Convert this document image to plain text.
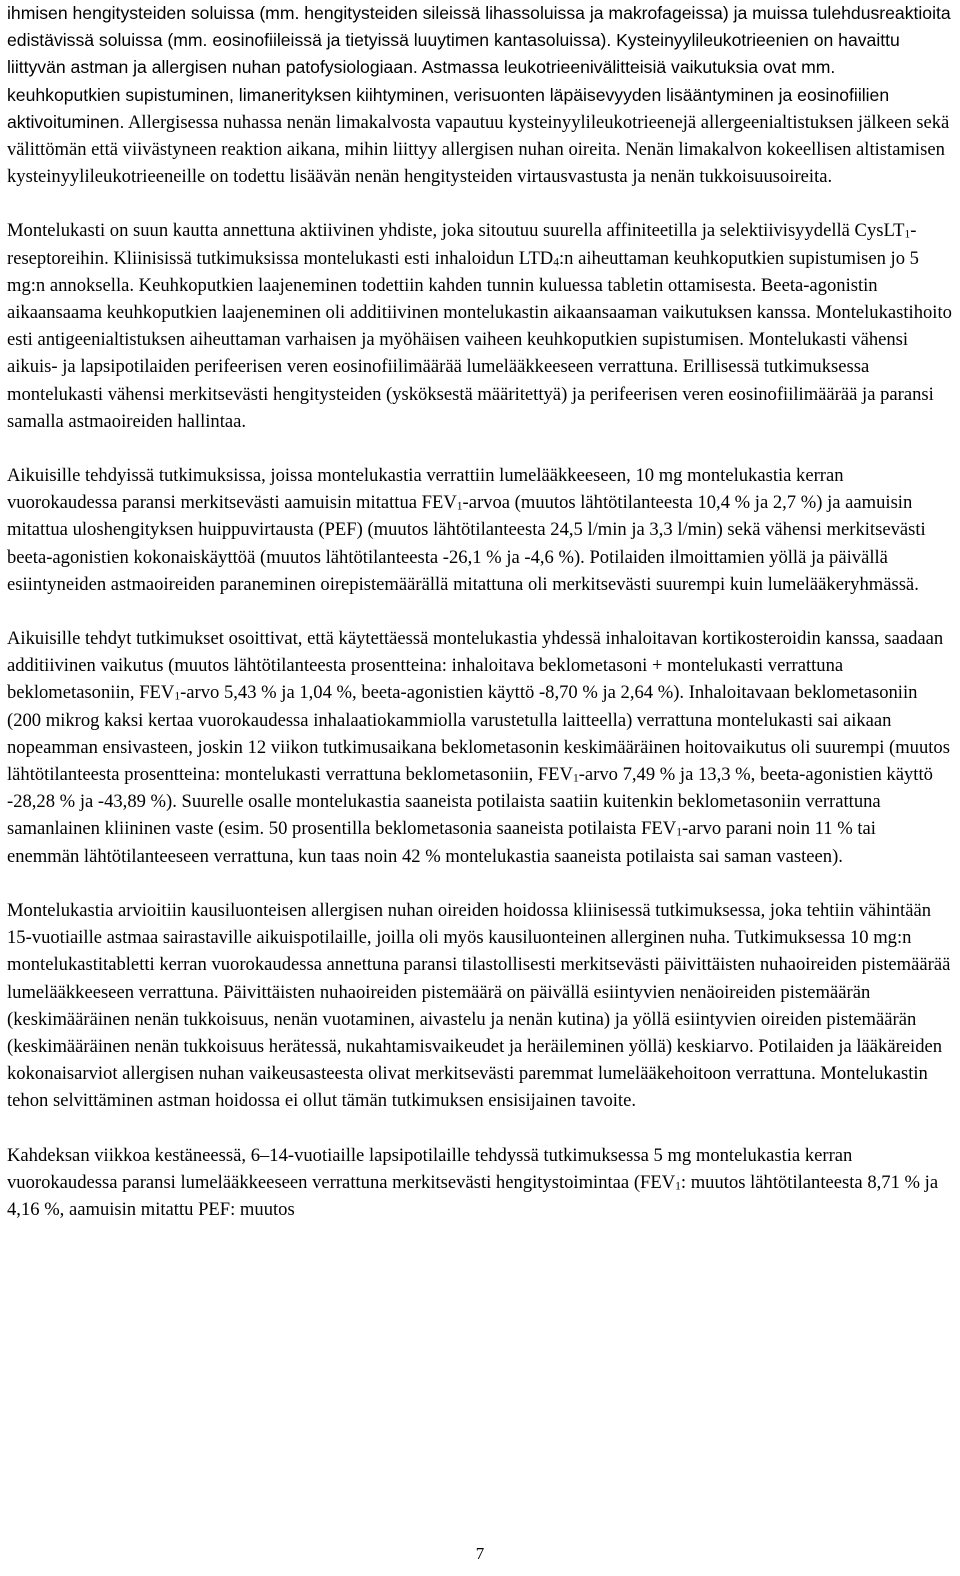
ihmisen hengitysteiden soluissa (mm. hengitysteiden sileissä lihassoluissa ja makrofageissa) ja muissa tulehdusreaktioita edistävissä soluissa (mm. eosinofiileissä ja tietyissä luuytimen kantasoluissa). Kysteinyylileukotrieenien on havaittu liittyvän astman ja allergisen nuhan patofysiologiaan. Astmassa leukotrieenivälitteisiä vaikutuksia ovat mm. keuhkoputkien supistuminen, limanerityksen kiihtyminen, verisuonten läpäisevyyden lisääntyminen ja eosinofiilien aktivoituminen. Allergisessa nuhassa nenän limakalvosta vapautuu kysteinyylileukotrieenejä allergeenialtistuksen jälkeen sekä välittömän että viivästyneen reaktion aikana, mihin liittyy allergisen nuhan oireita. Nenän limakalvon kokeellisen altistamisen kysteinyylileukotrieeneille on todettu lisäävän nenän hengitysteiden virtausvastusta ja nenän tukkoisuusoireita.

Montelukasti on suun kautta annettuna aktiivinen yhdiste, joka sitoutuu suurella affiniteetilla ja selektiivisyydellä CysLT$_1$-reseptoreihin. Kliinisissä tutkimuksissa montelukasti esti inhaloidun $LTD_4:n$ aiheuttaman keuhkoputkien supistumisen jo 5 mg:n annoksella. Keuhkoputkien laajeneminen todettiin kahden tunnin kuluessa tabletin ottamisesta. Beeta-agonistin aikaansaama keuhkoputkien laajeneminen oli additiivinen montelukastin aikaansaaman vaikutuksen kanssa. Montelukastihoito esti antigeenialtistuksen aiheuttaman varhaisen ja myöhäisen vaiheen keuhkoputkien supistumisen. Montelukasti vähensi aikuis- ja lapsipotilaiden perifeerisen veren eosinofiilimäärää lumelääkkeeseen verrattuna. Erillisessä tutkimuksessa montelukasti vähensi merkitsevästi hengitysteiden (ysköksestä määritettyä) ja perifeerisen veren eosinofiilimäärää ja paransi samalla astmaoireiden hallintaa.

Aikuisille tehdyissä tutkimuksissa, joissa montelukastia verrattiin lumelääkkeeseen, 10 mg montelukastia kerran vuorokaudessa paransi merkitsevästi aamuisin mitattua $FEV_1$-arvoa (muutos lähtötilanteesta 10,4 % ja 2,7 %) ja aamuisin mitattua uloshengityksen huippuvirtausta (PEF) (muutos lähtötilanteesta 24,5 l/min ja 3,3 l/min) sekä vähensi merkitsevästi beeta-agonistien kokonaiskäyttöä (muutos lähtötilanteesta -26,1 % ja -4,6 %). Potilaiden ilmoittamien yöllä ja päivällä esiintyneiden astmaoireiden paraneminen oirepistemäärällä mitattuna oli merkitsevästi suurempi kuin lumelääkeryhmässä.

Aikuisille tehdyt tutkimukset osoittivat, että käytettäessä montelukastia yhdessä inhaloitavan kortikosteroidin kanssa, saadaan additiivinen vaikutus (muutos lähtötilanteesta prosentteina: inhaloitava beklometasoni + montelukasti verrattuna beklometasoniin, $FEV_1$-arvo 5,43 % ja 1,04 %, beeta-agonistien käyttö -8,70 % ja 2,64 %). Inhaloitavaan beklometasoniin (200 mikrog kaksi kertaa vuorokaudessa inhalaatiokammiolla varustetulla laitteella) verrattuna montelukasti sai aikaan nopeamman ensivasteen, joskin 12 viikon tutkimusaikana beklometasonin keskimääräinen hoitovaikutus oli suurempi (muutos lähtötilanteesta prosentteina: montelukasti verrattuna beklometasoniin, $FEV_1$-arvo 7,49 % ja 13,3 %, beeta-agonistien käyttö -28,28 % ja -43,89 %). Suurelle osalle montelukastia saaneista potilaista saatiin kuitenkin beklometasoniin verrattuna samanlainen kliininen vaste (esim. 50 prosentilla beklometasonia saaneista potilaista $FEV_1$-arvo parani noin 11 % tai enemmän lähtötilanteeseen verrattuna, kun taas noin 42 % montelukastia saaneista potilaista sai saman vasteen).

Montelukastia arvioitiin kausiluonteisen allergisen nuhan oireiden hoidossa kliinisessä tutkimuksessa, joka tehtiin vähintään 15-vuotiaille astmaa sairastaville aikuispotilaille, joilla oli myös kausiluonteinen allerginen nuha. Tutkimuksessa 10 mg:n montelukastitabletti kerran vuorokaudessa annettuna paransi tilastollisesti merkitsevästi päivittäisten nuhaoireiden pistemäärää lumelääkkeeseen verrattuna. Päivittäisten nuhaoireiden pistemäärä on päivällä esiintyvien nenäoireiden pistemäärän (keskimääräinen nenän tukkoisuus, nenän vuotaminen, aivastelu ja nenän kutina) ja yöllä esiintyvien oireiden pistemäärän (keskimääräinen nenän tukkoisuus herätessä, nukahtamisvaikeudet ja heräileminen yöllä) keskiarvo. Potilaiden ja lääkäreiden kokonaisarviot allergisen nuhan vaikeusasteesta olivat merkitsevästi paremmat lumelääkehoitoon verrattuna. Montelukastin tehon selvittäminen astman hoidossa ei ollut tämän tutkimuksen ensisijainen tavoite.

Kahdeksan viikkoa kestäneessä, 6–14-vuotiaille lapsipotilaille tehdyssä tutkimuksessa 5 mg montelukastia kerran vuorokaudessa paransi lumelääkkeeseen verrattuna merkitsevästi hengitystoimintaa ($FEV_1$: muutos lähtötilanteesta 8,71 % ja 4,16 %, aamuisin mitattu PEF: muutos

7
